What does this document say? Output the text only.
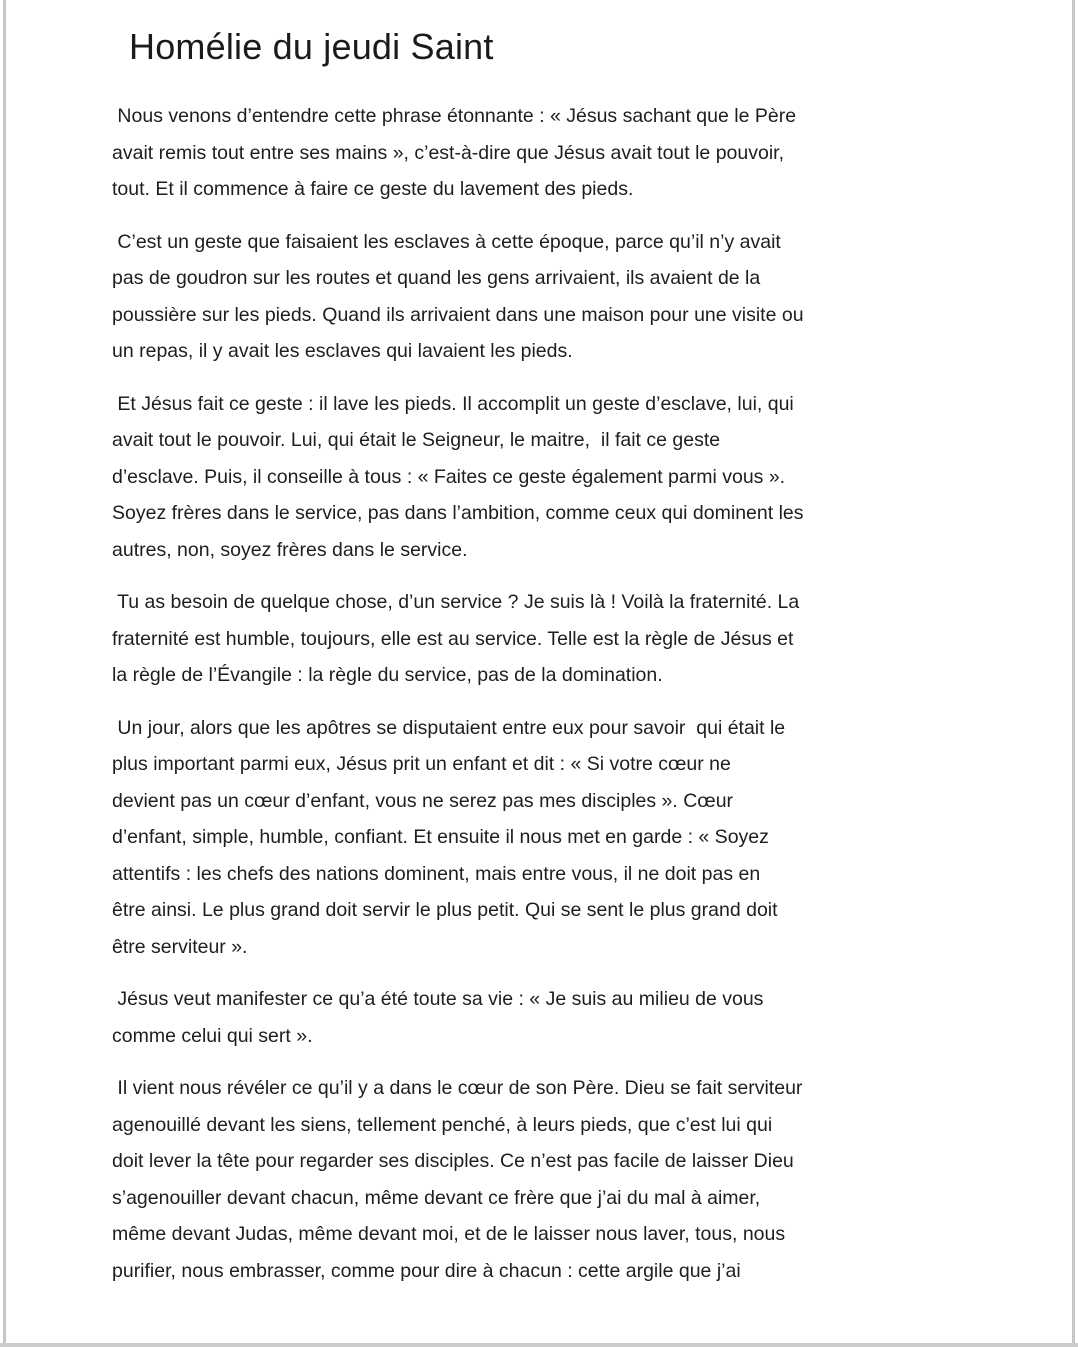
Homélie du jeudi Saint

Nous venons d’entendre cette phrase étonnante : « Jésus sachant que le Père
avait remis tout entre ses mains », c’est-à-dire que Jésus avait tout le pouvoir,
tout. Et il commence à faire ce geste du lavement des pieds.

C’est un geste que faisaient les esclaves à cette époque, parce qu’il n’y avait
pas de goudron sur les routes et quand les gens arrivaient, ils avaient de la
poussière sur les pieds. Quand ils arrivaient dans une maison pour une visite ou
un repas, il y avait les esclaves qui lavaient les pieds.

Et Jésus fait ce geste : il lave les pieds. Il accomplit un geste d’esclave, lui, qui
avait tout le pouvoir. Lui, qui était le Seigneur, le maitre,  il fait ce geste
d’esclave. Puis, il conseille à tous : « Faites ce geste également parmi vous ».
Soyez frères dans le service, pas dans l’ambition, comme ceux qui dominent les
autres, non, soyez frères dans le service.

Tu as besoin de quelque chose, d’un service ? Je suis là ! Voilà la fraternité. La
fraternité est humble, toujours, elle est au service. Telle est la règle de Jésus et
la règle de l’Évangile : la règle du service, pas de la domination.

Un jour, alors que les apôtres se disputaient entre eux pour savoir  qui était le
plus important parmi eux, Jésus prit un enfant et dit : « Si votre cœur ne
devient pas un cœur d’enfant, vous ne serez pas mes disciples ». Cœur
d’enfant, simple, humble, confiant. Et ensuite il nous met en garde : « Soyez
attentifs : les chefs des nations dominent, mais entre vous, il ne doit pas en
être ainsi. Le plus grand doit servir le plus petit. Qui se sent le plus grand doit
être serviteur ».

Jésus veut manifester ce qu’a été toute sa vie : « Je suis au milieu de vous
comme celui qui sert ».

Il vient nous révéler ce qu’il y a dans le cœur de son Père. Dieu se fait serviteur
agenouillé devant les siens, tellement penché, à leurs pieds, que c’est lui qui
doit lever la tête pour regarder ses disciples. Ce n’est pas facile de laisser Dieu
s’agenouiller devant chacun, même devant ce frère que j’ai du mal à aimer,
même devant Judas, même devant moi, et de le laisser nous laver, tous, nous
purifier, nous embrasser, comme pour dire à chacun : cette argile que j’ai
